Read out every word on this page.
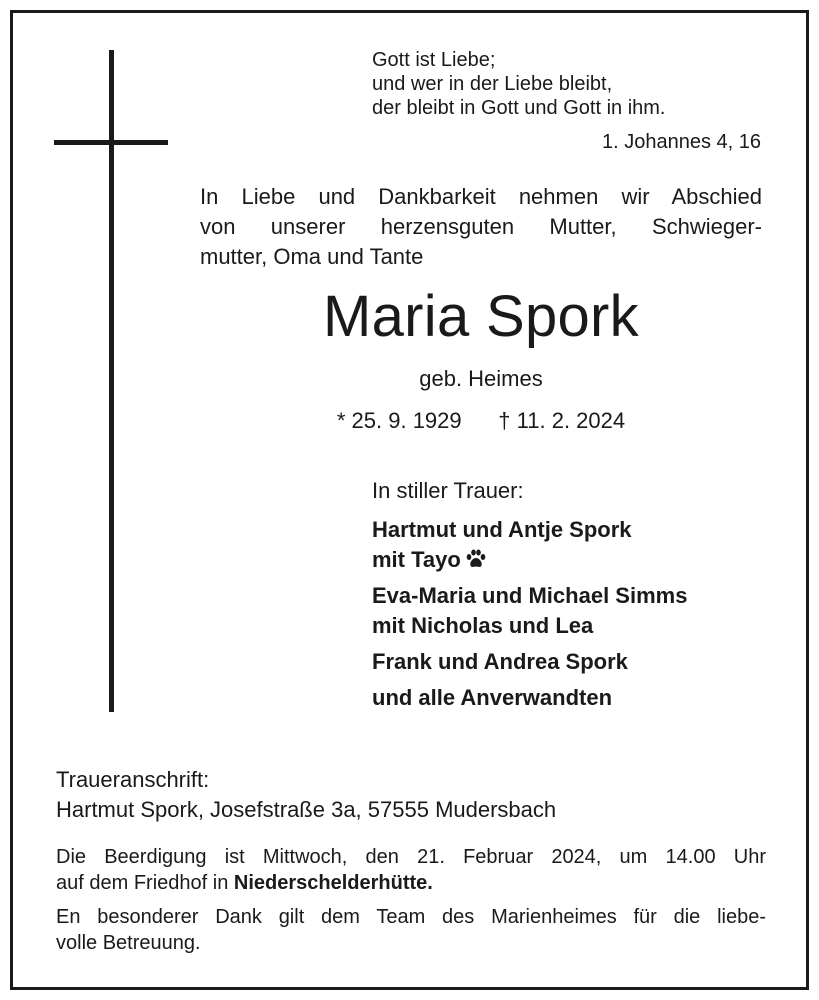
Gott ist Liebe;
und wer in der Liebe bleibt,
der bleibt in Gott und Gott in ihm.
1. Johannes 4, 16
In Liebe und Dankbarkeit nehmen wir Abschied
von unserer herzensguten Mutter, Schwieger-
mutter, Oma und Tante
Maria Spork
geb. Heimes
* 25. 9. 1929      † 11. 2. 2024
In stiller Trauer:
Hartmut und Antje Spork
mit Tayo
Eva-Maria und Michael Simms
mit Nicholas und Lea
Frank und Andrea Spork
und alle Anverwandten
Traueranschrift:
Hartmut Spork, Josefstraße 3a, 57555 Mudersbach
Die Beerdigung ist Mittwoch, den 21. Februar 2024, um 14.00 Uhr
auf dem Friedhof in Niederschelderhütte.
En besonderer Dank gilt dem Team des Marienheimes für die liebe-
volle Betreuung.
